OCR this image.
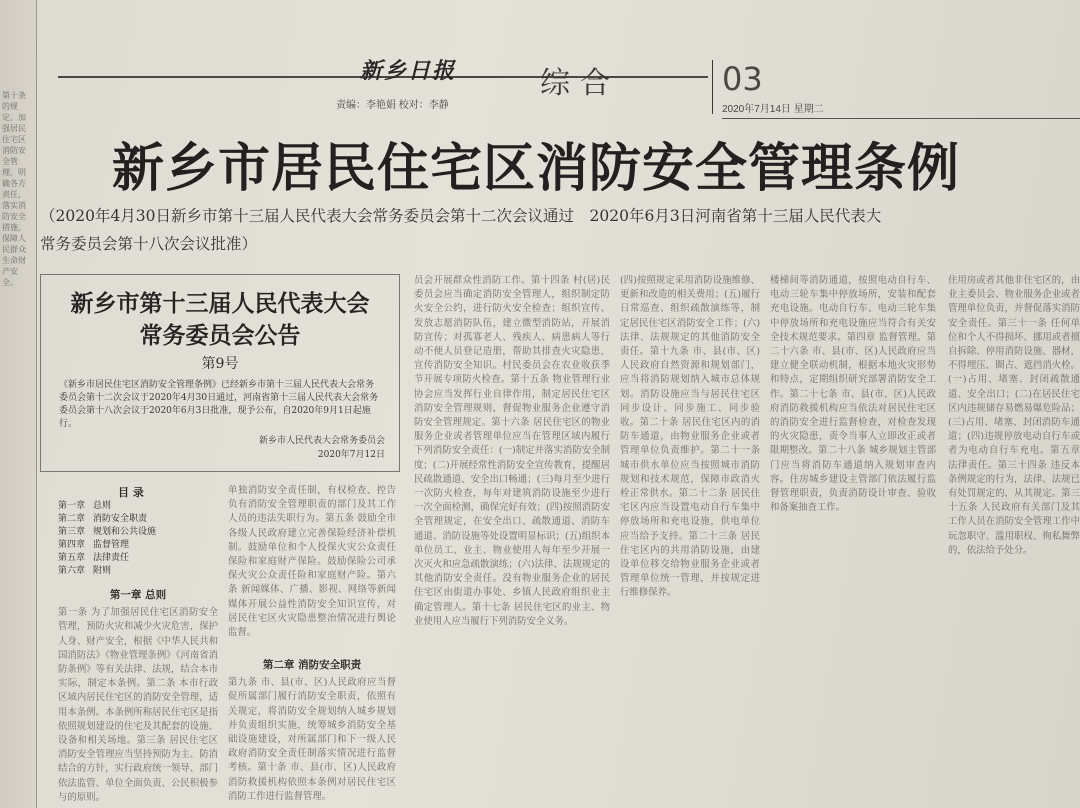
第十条的规定，加强居民住宅区消防安全管理，明确各方责任，落实消防安全措施，保障人民群众生命财产安全。
新乡日报
责编：李艳娟 校对：李静
综合	03
2020年7月14日 星期二
新乡市居民住宅区消防安全管理条例
（2020年4月30日新乡市第十三届人民代表大会常务委员会第十二次会议通过　2020年6月3日河南省第十三届人民代表大
常务委员会第十八次会议批准）
新乡市第十三届人民代表大会
常务委员会公告
第9号
《新乡市居民住宅区消防安全管理条例》已经新乡市第十三届人民代表大会常务委员会第十二次会议于2020年4月30日通过，河南省第十三届人民代表大会常务委员会第十八次会议于2020年6月3日批准，现予公布，自2020年9月1日起施行。
新乡市人民代表大会常务委员会
2020年7月12日
目 录
第一章 总则
第二章 消防安全职责
第三章 规划和公共设施
第四章 监督管理
第五章 法律责任
第六章 附则
第一章 总则
第一条 为了加强居民住宅区消防安全管理，预防火灾和减少火灾危害，保护人身、财产安全，根据《中华人民共和国消防法》《物业管理条例》《河南省消防条例》等有关法律、法规，结合本市实际，制定本条例。第二条 本市行政区域内居民住宅区的消防安全管理，适用本条例。本条例所称居民住宅区是指依照规划建设的住宅及其配套的设施、设备和相关场地。第三条 居民住宅区消防安全管理应当坚持预防为主、防消结合的方针，实行政府统一领导、部门依法监管、单位全面负责、公民积极参与的原则。
单独消防安全责任制，有权检查、控告负有消防安全管理职责的部门及其工作人员的违法失职行为。第五条 鼓励全市各级人民政府建立完善保险经济补偿机制。鼓励单位和个人投保火灾公众责任保险和家庭财产保险。鼓励保险公司承保火灾公众责任险和家庭财产险。第六条 新闻媒体、广播、影视、网络等新闻媒体开展公益性消防安全知识宣传，对居民住宅区火灾隐患整治情况进行舆论监督。
第二章 消防安全职责
第九条 市、县(市、区)人民政府应当督促所属部门履行消防安全职责，依照有关规定，将消防安全规划纳入城乡规划并负责组织实施，统筹城乡消防安全基础设施建设，对所属部门和下一级人民政府消防安全责任制落实情况进行监督考核。第十条 市、县(市、区)人民政府消防救援机构依照本条例对居民住宅区消防工作进行监督管理。
员会开展群众性消防工作。第十四条 村(居)民委员会应当确定消防安全管理人，组织制定防火安全公约，进行防火安全检查；组织宣传、发放志愿消防队伍，建立微型消防站，开展消防宣传；对孤寡老人、残疾人、病患病人等行动不便人员登记造册，帮助其排查火灾隐患，宣传消防安全知识。村民委员会在农业收获季节开展专项防火检查。第十五条 物业管理行业协会应当发挥行业自律作用，制定居民住宅区消防安全管理规则，督促物业服务企业遵守消防安全管理规定。第十六条 居民住宅区的物业服务企业或者管理单位应当在管理区域内履行下列消防安全责任：(一)制定并落实消防安全制度；(二)开展经常性消防安全宣传教育，提醒居民疏散通道、安全出口畅通；(三)每月至少进行一次防火检查，每年对建筑消防设施至少进行一次全面检测，确保完好有效；(四)按照消防安全管理规定，在安全出口、疏散通道、消防车通道、消防设施等处设置明显标识；(五)组织本单位员工、业主、物业使用人每年至少开展一次灭火和应急疏散演练；(六)法律、法规规定的其他消防安全责任。没有物业服务企业的居民住宅区由街道办事处、乡镇人民政府组织业主确定管理人。第十七条 居民住宅区的业主、物业使用人应当履行下列消防安全义务。
(四)按照规定采用消防设施维修、更新和改造的相关费用；(五)履行日常巡查、组织疏散演练等，制定居民住宅区消防安全工作；(六)法律、法规规定的其他消防安全责任。第十九条 市、县(市、区)人民政府自然资源和规划部门，应当将消防规划纳入城市总体规划。消防设施应当与居民住宅区同步设计、同步施工、同步验收。第二十条 居民住宅区内的消防车通道，由物业服务企业或者管理单位负责维护。第二十一条 城市供水单位应当按照城市消防规划和技术规范，保障市政消火栓正常供水。第二十二条 居民住宅区内应当设置电动自行车集中停放场所和充电设施，供电单位应当给予支持。第二十三条 居民住宅区内的共用消防设施，由建设单位移交给物业服务企业或者管理单位统一管理，并按规定进行维修保养。
楼梯间等消防通道，按照电动自行车、电动三轮车集中停放场所，安装和配套充电设施。电动自行车、电动三轮车集中停放场所和充电设施应当符合有关安全技术规范要求。第四章 监督管理。第二十六条 市、县(市、区)人民政府应当建立健全联动机制，根据本地火灾形势和特点，定期组织研究部署消防安全工作。第二十七条 市、县(市、区)人民政府消防救援机构应当依法对居民住宅区的消防安全进行监督检查，对检查发现的火灾隐患，责令当事人立即改正或者限期整改。第二十八条 城乡规划主管部门应当将消防车通道纳入规划审查内容。住房城乡建设主管部门依法履行监督管理职责，负责消防设计审查、验收和备案抽查工作。
住用房或者其他非住宅区的，由业主委员会、物业服务企业或者管理单位负责，并督促落实消防安全责任。第三十一条 任何单位和个人不得损坏、挪用或者擅自拆除、停用消防设施、器材，不得埋压、圈占、遮挡消火栓。(一)占用、堵塞、封闭疏散通道、安全出口；(二)在居民住宅区内违规储存易燃易爆危险品；(三)占用、堵塞、封闭消防车通道；(四)违规停放电动自行车或者为电动自行车充电。第五章 法律责任。第三十四条 违反本条例规定的行为，法律、法规已有处罚规定的，从其规定。第三十五条 人民政府有关部门及其工作人员在消防安全管理工作中玩忽职守、滥用职权、徇私舞弊的，依法给予处分。
